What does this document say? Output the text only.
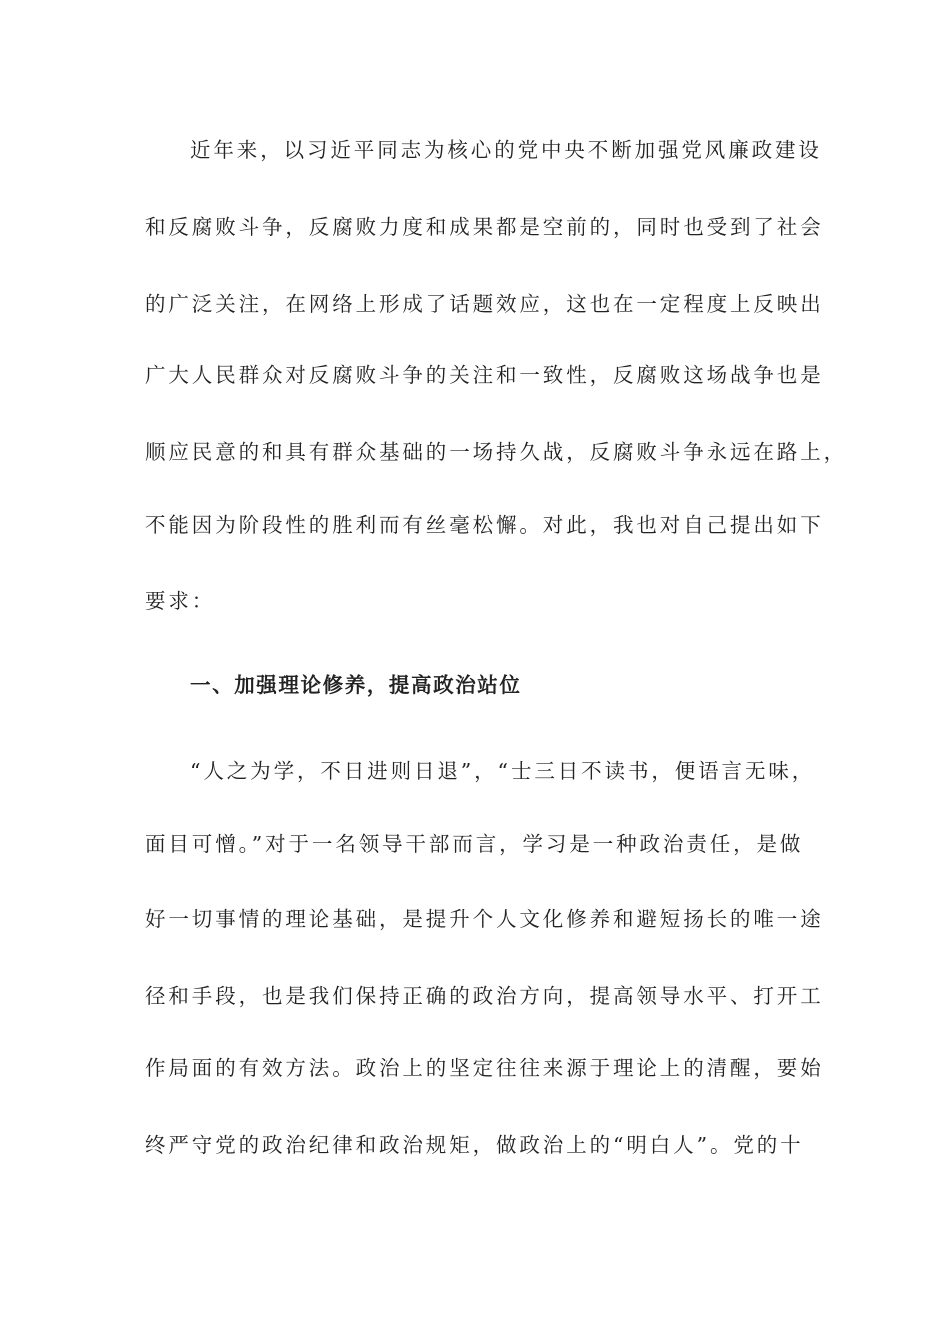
近年来，以习近平同志为核心的党中央不断加强党风廉政建设
和反腐败斗争，反腐败力度和成果都是空前的，同时也受到了社会
的广泛关注，在网络上形成了话题效应，这也在一定程度上反映出
广大人民群众对反腐败斗争的关注和一致性，反腐败这场战争也是
顺应民意的和具有群众基础的一场持久战，反腐败斗争永远在路上，
不能因为阶段性的胜利而有丝毫松懈。对此，我也对自己提出如下
要求：
一、加强理论修养，提高政治站位
“人之为学，不日进则日退”，“士三日不读书，便语言无味，
面目可憎。”对于一名领导干部而言，学习是一种政治责任，是做
好一切事情的理论基础，是提升个人文化修养和避短扬长的唯一途
径和手段，也是我们保持正确的政治方向，提高领导水平、打开工
作局面的有效方法。政治上的坚定往往来源于理论上的清醒，要始
终严守党的政治纪律和政治规矩，做政治上的“明白人”。党的十
